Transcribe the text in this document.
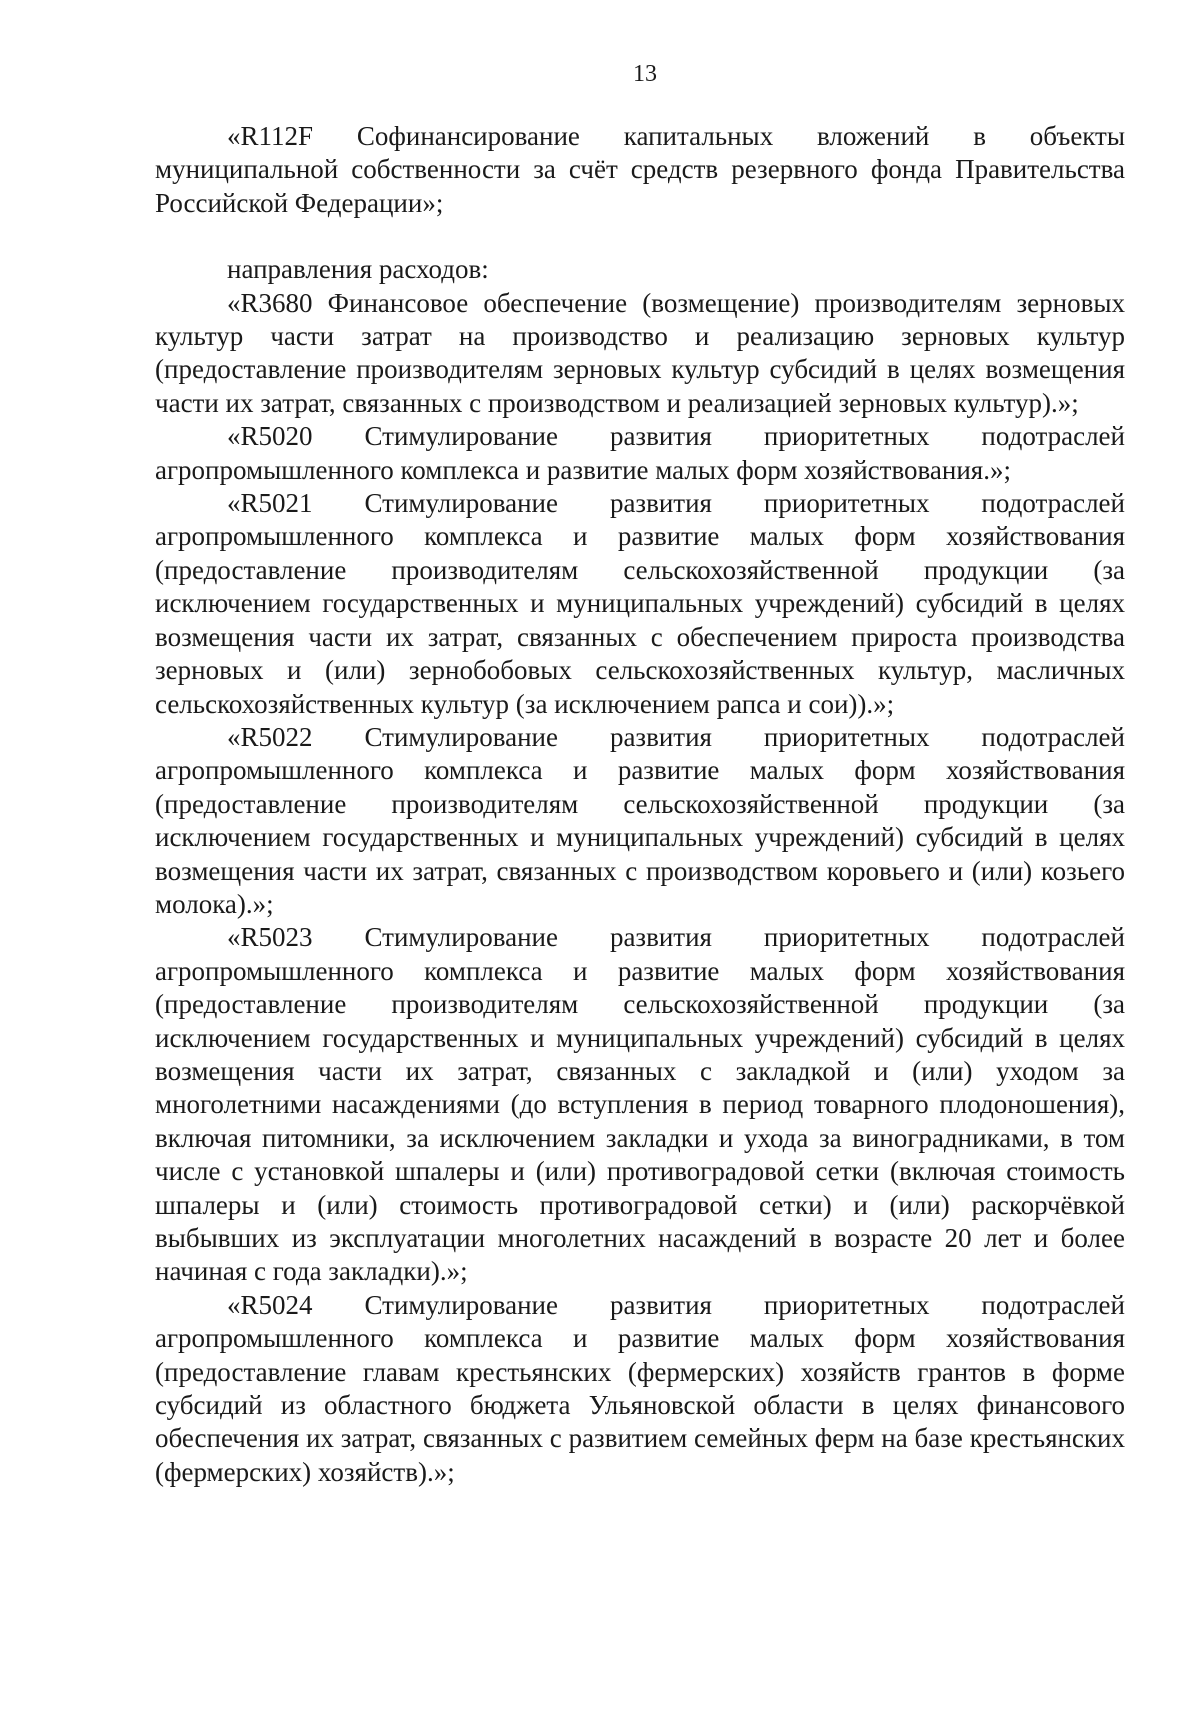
13

«R112F Софинансирование капитальных вложений в объекты муниципальной собственности за счёт средств резервного фонда Правительства Российской Федерации»;

направления расходов:

«R3680 Финансовое обеспечение (возмещение) производителям зерновых культур части затрат на производство и реализацию зерновых культур (предоставление производителям зерновых культур субсидий в целях возмещения части их затрат, связанных с производством и реализацией зерновых культур).»;

«R5020 Стимулирование развития приоритетных подотраслей агропромышленного комплекса и развитие малых форм хозяйствования.»;

«R5021 Стимулирование развития приоритетных подотраслей агропромышленного комплекса и развитие малых форм хозяйствования (предоставление производителям сельскохозяйственной продукции (за исключением государственных и муниципальных учреждений) субсидий в целях возмещения части их затрат, связанных с обеспечением прироста производства зерновых и (или) зернобобовых сельскохозяйственных культур, масличных сельскохозяйственных культур (за исключением рапса и сои)).»;

«R5022 Стимулирование развития приоритетных подотраслей агропромышленного комплекса и развитие малых форм хозяйствования (предоставление производителям сельскохозяйственной продукции (за исключением государственных и муниципальных учреждений) субсидий в целях возмещения части их затрат, связанных с производством коровьего и (или) козьего молока).»;

«R5023 Стимулирование развития приоритетных подотраслей агропромышленного комплекса и развитие малых форм хозяйствования (предоставление производителям сельскохозяйственной продукции (за исключением государственных и муниципальных учреждений) субсидий в целях возмещения части их затрат, связанных с закладкой и (или) уходом за многолетними насаждениями (до вступления в период товарного плодоношения), включая питомники, за исключением закладки и ухода за виноградниками, в том числе с установкой шпалеры и (или) противоградовой сетки (включая стоимость шпалеры и (или) стоимость противоградовой сетки) и (или) раскорчёвкой выбывших из эксплуатации многолетних насаждений в возрасте 20 лет и более начиная с года закладки).»;

«R5024 Стимулирование развития приоритетных подотраслей агропромышленного комплекса и развитие малых форм хозяйствования (предоставление главам крестьянских (фермерских) хозяйств грантов в форме субсидий из областного бюджета Ульяновской области в целях финансового обеспечения их затрат, связанных с развитием семейных ферм на базе крестьянских (фермерских) хозяйств).»;
